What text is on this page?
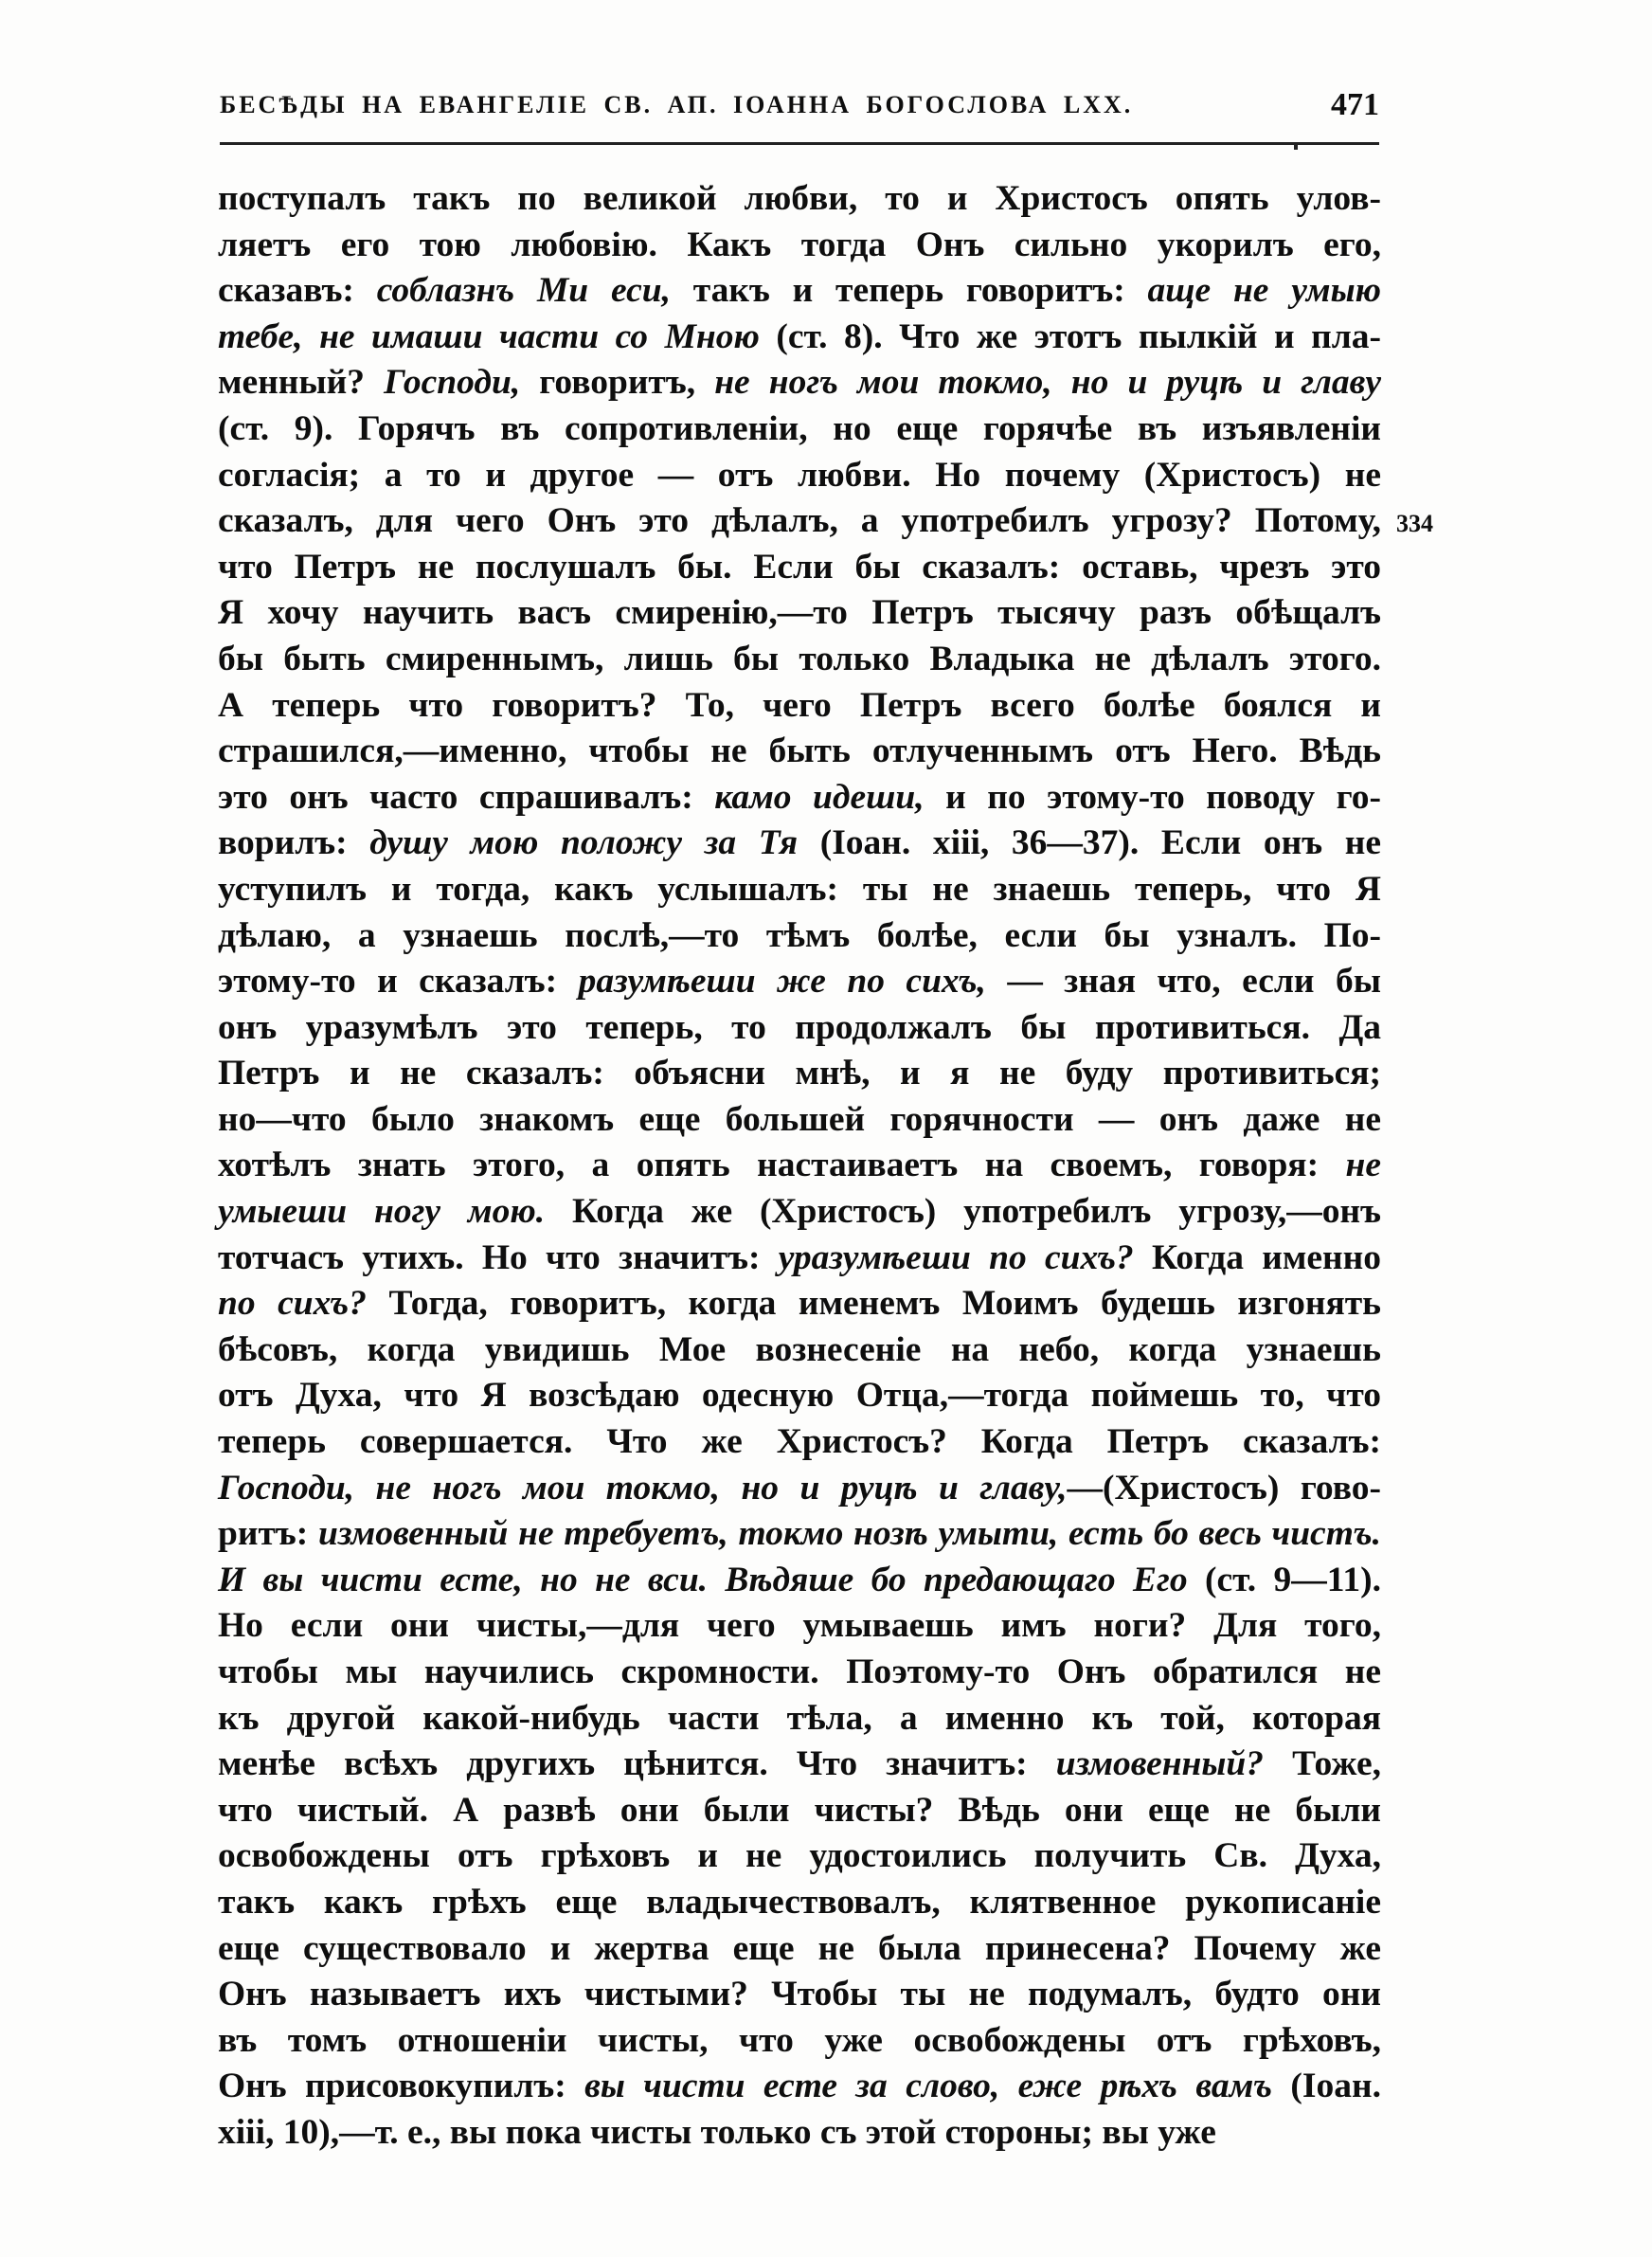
БЕСѢДЫ НА ЕВАНГЕЛІЕ СВ. АП. ІОАННА БОГОСЛОВА LXX.	471
334
поступалъ такъ по великой любви, то и Христосъ опять улов-
ляетъ его тою любовію. Какъ тогда Онъ сильно укорилъ его,
сказавъ: соблазнъ Ми еси, такъ и теперь говоритъ: аще не умыю
тебе, не имаши части со Мною (ст. 8). Что же этотъ пылкій и пла-
менный? Господи, говоритъ, не ногъ мои токмо, но и руцѣ и главу
(ст. 9). Горячъ въ сопротивленіи, но еще горячѣе въ изъявленіи
согласія; а то и другое — отъ любви. Но почему (Христосъ) не
сказалъ, для чего Онъ это дѣлалъ, а употребилъ угрозу? Потому,
что Петръ не послушалъ бы. Если бы сказалъ: оставь, чрезъ это
Я хочу научить васъ смиренію,—то Петръ тысячу разъ обѣщалъ
бы быть смиреннымъ, лишь бы только Владыка не дѣлалъ этого.
А теперь что говоритъ? То, чего Петръ всего болѣе боялся и
страшился,—именно, чтобы не быть отлученнымъ отъ Него. Вѣдь
это онъ часто спрашивалъ: камо идеши, и по этому-то поводу го-
ворилъ: душу мою положу за Тя (Іоан. xiii, 36—37). Если онъ не
уступилъ и тогда, какъ услышалъ: ты не знаешь теперь, что Я
дѣлаю, а узнаешь послѣ,—то тѣмъ болѣе, если бы узналъ. По-
этому-то и сказалъ: разумѣеши же по сихъ, — зная что, если бы
онъ уразумѣлъ это теперь, то продолжалъ бы противиться. Да
Петръ и не сказалъ: объясни мнѣ, и я не буду противиться;
но—что было знакомъ еще большей горячности — онъ даже не
хотѣлъ знать этого, а опять настаиваетъ на своемъ, говоря: не
умыеши ногу мою. Когда же (Христосъ) употребилъ угрозу,—онъ
тотчасъ утихъ. Но что значитъ: уразумѣеши по сихъ? Когда именно
по сихъ? Тогда, говоритъ, когда именемъ Моимъ будешь изгонять
бѣсовъ, когда увидишь Мое вознесеніе на небо, когда узнаешь
отъ Духа, что Я возсѣдаю одесную Отца,—тогда поймешь то, что
теперь совершается. Что же Христосъ? Когда Петръ сказалъ:
Господи, не ногъ мои токмо, но и руцѣ и главу,—(Христосъ) гово-
ритъ: измовенный не требуетъ, токмо нозѣ умыти, есть бо весь чистъ.
И вы чисти есте, но не вси. Вѣдяше бо предающаго Его (ст. 9—11).
Но если они чисты,—для чего умываешь имъ ноги? Для того,
чтобы мы научились скромности. Поэтому-то Онъ обратился не
къ другой какой-нибудь части тѣла, а именно къ той, которая
менѣе всѣхъ другихъ цѣнится. Что значитъ: измовенный? Тоже,
что чистый. А развѣ они были чисты? Вѣдь они еще не были
освобождены отъ грѣховъ и не удостоились получить Св. Духа,
такъ какъ грѣхъ еще владычествовалъ, клятвенное рукописаніе
еще существовало и жертва еще не была принесена? Почему же
Онъ называетъ ихъ чистыми? Чтобы ты не подумалъ, будто они
въ томъ отношеніи чисты, что уже освобождены отъ грѣховъ,
Онъ присовокупилъ: вы чисти есте за слово, еже рѣхъ вамъ (Іоан.
xiii, 10),—т. е., вы пока чисты только съ этой стороны; вы уже
